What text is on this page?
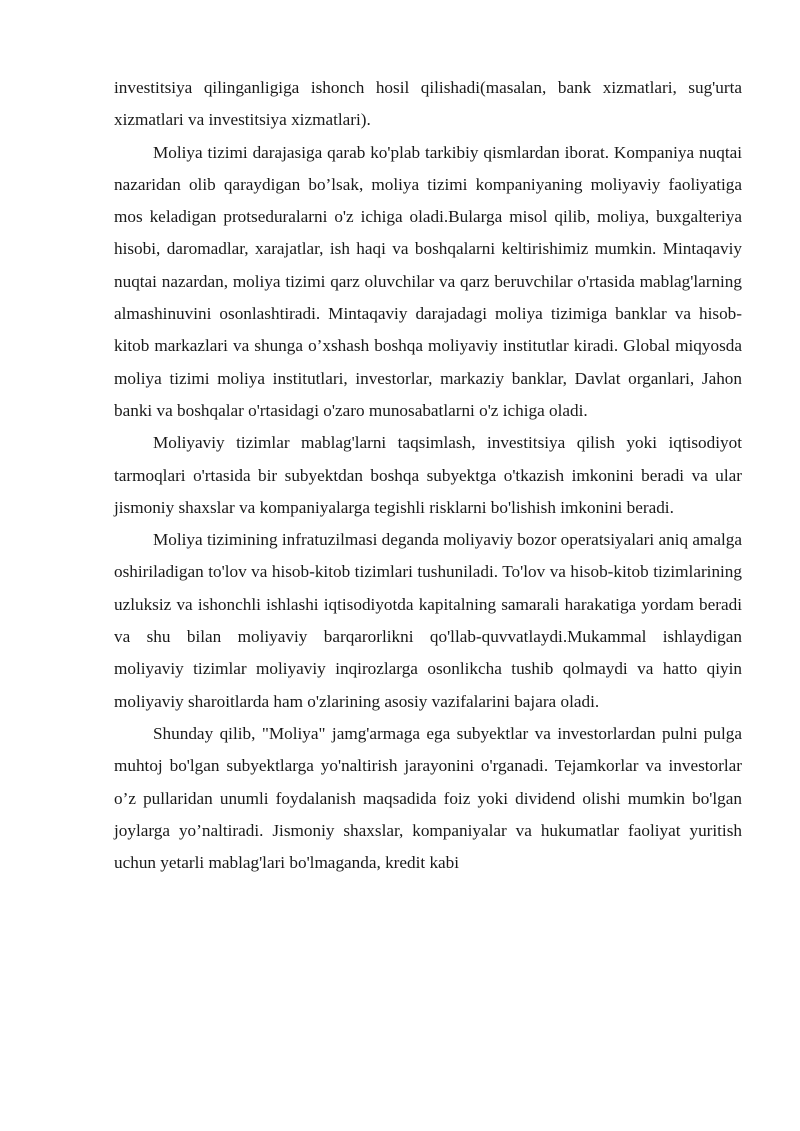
investitsiya qilinganligiga ishonch hosil qilishadi(masalan, bank xizmatlari, sug'urta xizmatlari va investitsiya xizmatlari).

Moliya tizimi darajasiga qarab ko'plab tarkibiy qismlardan iborat. Kompaniya nuqtai nazaridan olib qaraydigan bo’lsak, moliya tizimi kompaniyaning moliyaviy faoliyatiga mos keladigan protseduralarni o'z ichiga oladi.Bularga misol qilib, moliya, buxgalteriya hisobi, daromadlar, xarajatlar, ish haqi va boshqalarni keltirishimiz mumkin. Mintaqaviy nuqtai nazardan, moliya tizimi qarz oluvchilar va qarz beruvchilar o'rtasida mablag'larning almashinuvini osonlashtiradi. Mintaqaviy darajadagi moliya tizimiga banklar va hisob-kitob markazlari va shunga o’xshash boshqa moliyaviy institutlar kiradi. Global miqyosda moliya tizimi moliya institutlari, investorlar, markaziy banklar, Davlat organlari, Jahon banki va boshqalar o'rtasidagi o'zaro munosabatlarni o'z ichiga oladi.

Moliyaviy tizimlar mablag'larni taqsimlash, investitsiya qilish yoki iqtisodiyot tarmoqlari o'rtasida bir subyektdan boshqa subyektga o'tkazish imkonini beradi va ular jismoniy shaxslar va kompaniyalarga tegishli risklarni bo'lishish imkonini beradi.

Moliya tizimining infratuzilmasi deganda moliyaviy bozor operatsiyalari aniq amalga oshiriladigan to'lov va hisob-kitob tizimlari tushuniladi. To'lov va hisob-kitob tizimlarining uzluksiz va ishonchli ishlashi iqtisodiyotda kapitalning samarali harakatiga yordam beradi va shu bilan moliyaviy barqarorlikni qo'llab-quvvatlaydi.Mukammal ishlaydigan moliyaviy tizimlar moliyaviy inqirozlarga osonlikcha tushib qolmaydi va hatto qiyin moliyaviy sharoitlarda ham o'zlarining asosiy vazifalarini bajara oladi.

Shunday qilib, "Moliya" jamg'armaga ega subyektlar va investorlardan pulni pulga muhtoj bo'lgan subyektlarga yo'naltirish jarayonini o'rganadi. Tejamkorlar va investorlar o’z pullaridan unumli foydalanish maqsadida foiz yoki dividend olishi mumkin bo'lgan joylarga yo’naltiradi. Jismoniy shaxslar, kompaniyalar va hukumatlar faoliyat yuritish uchun yetarli mablag'lari bo'lmaganda, kredit kabi
